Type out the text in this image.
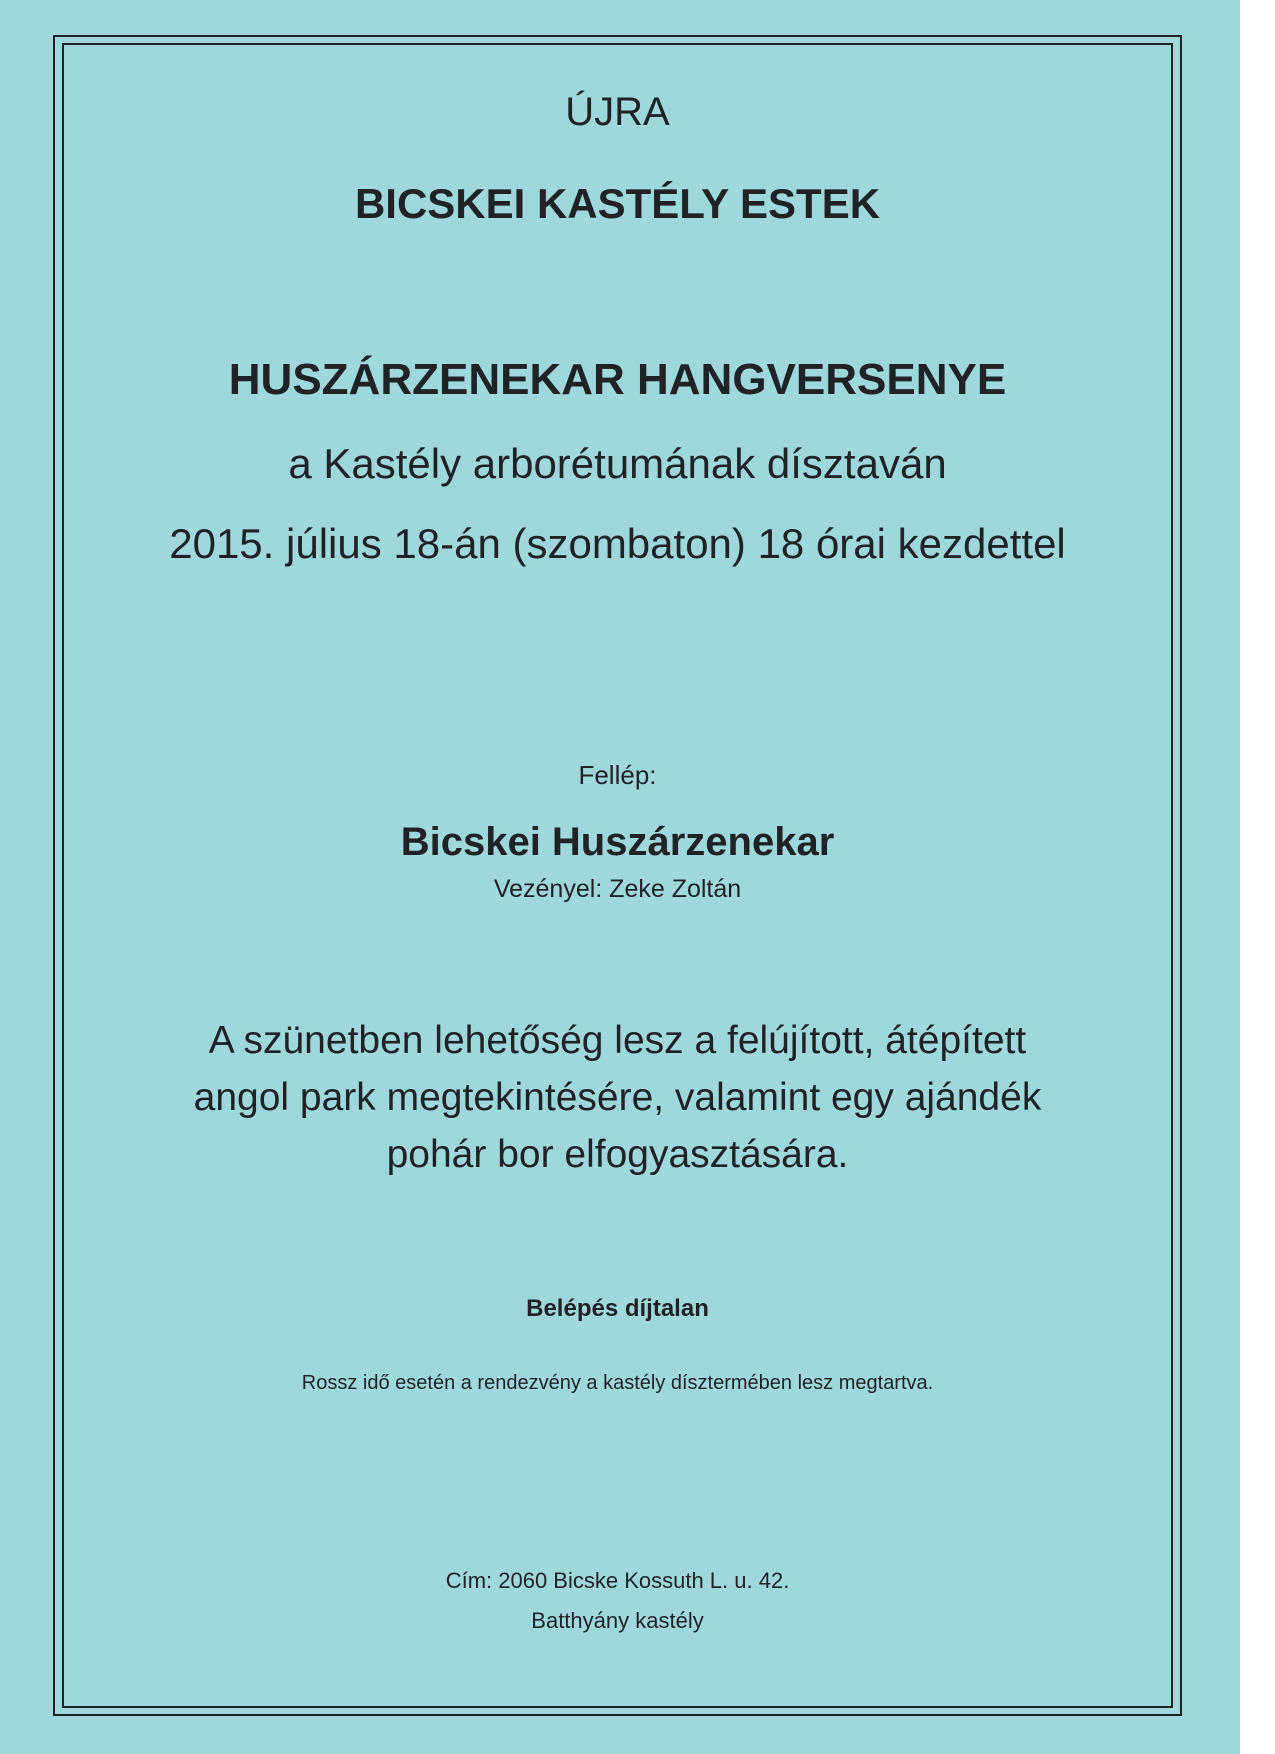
ÚJRA

BICSKEI KASTÉLY ESTEK

HUSZÁRZENEKAR HANGVERSENYE

a Kastély arborétumának dísztaván

2015. július 18-án (szombaton) 18 órai kezdettel

Fellép:

Bicskei Huszárzenekar

Vezényel: Zeke Zoltán

A szünetben lehetőség lesz a felújított, átépített
angol park megtekintésére, valamint egy ajándék
pohár bor elfogyasztására.

Belépés díjtalan

Rossz idő esetén a rendezvény a kastély dísztermében lesz megtartva.

Cím: 2060 Bicske Kossuth L. u. 42.

Batthyány kastély
